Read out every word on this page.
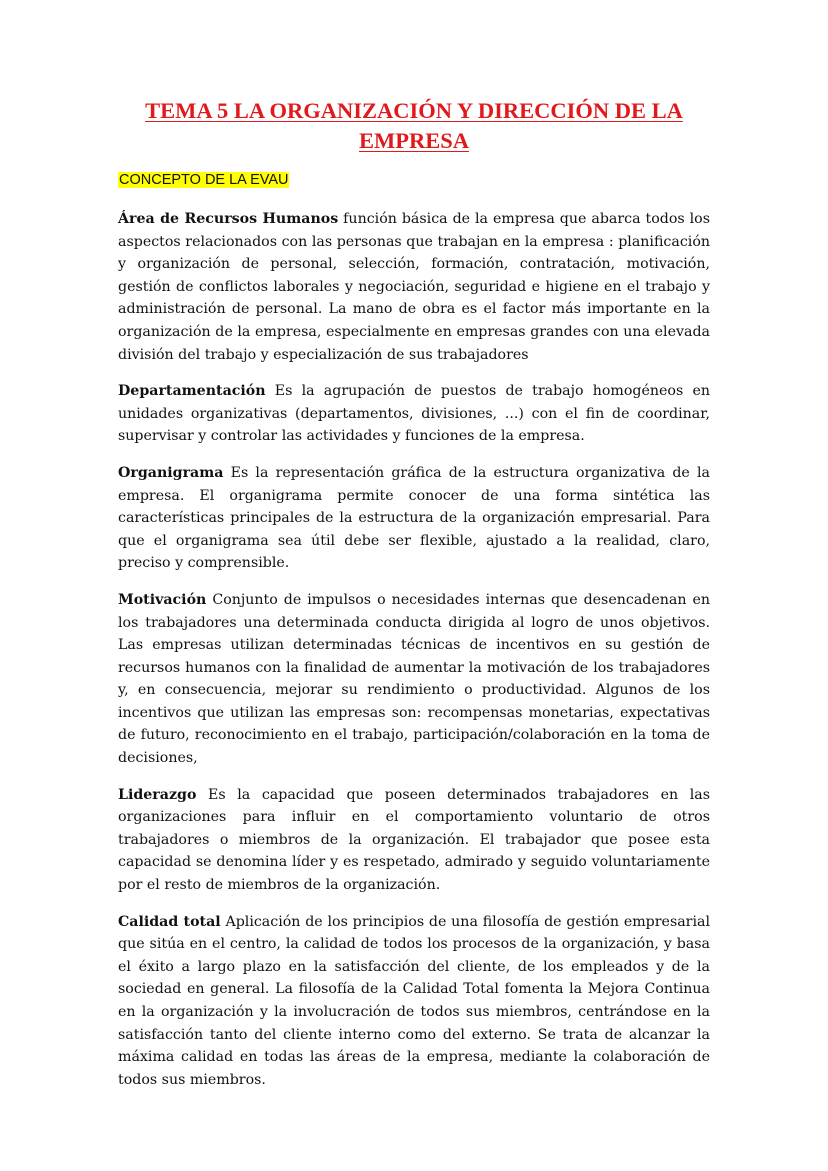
TEMA 5 LA ORGANIZACIÓN Y DIRECCIÓN DE LA EMPRESA
CONCEPTO DE LA EVAU

Área de Recursos Humanos función básica de la empresa que abarca todos los aspectos relacionados con las personas que trabajan en la empresa : planificación y organización de personal, selección, formación, contratación, motivación, gestión de conflictos laborales y negociación, seguridad e higiene en el trabajo y administración de personal. La mano de obra es el factor más importante en la organización de la empresa, especialmente en empresas grandes con una elevada división del trabajo y especialización de sus trabajadores

Departamentación Es la agrupación de puestos de trabajo homogéneos en unidades organizativas (departamentos, divisiones, ...) con el fin de coordinar, supervisar y controlar las actividades y funciones de la empresa.

Organigrama Es la representación gráfica de la estructura organizativa de la empresa. El organigrama permite conocer de una forma sintética las características principales de la estructura de la organización empresarial. Para que el organigrama sea útil debe ser flexible, ajustado a la realidad, claro, preciso y comprensible.

Motivación Conjunto de impulsos o necesidades internas que desencadenan en los trabajadores una determinada conducta dirigida al logro de unos objetivos. Las empresas utilizan determinadas técnicas de incentivos en su gestión de recursos humanos con la finalidad de aumentar la motivación de los trabajadores y, en consecuencia, mejorar su rendimiento o productividad. Algunos de los incentivos que utilizan las empresas son: recompensas monetarias, expectativas de futuro, reconocimiento en el trabajo, participación/colaboración en la toma de decisiones,

Liderazgo Es la capacidad que poseen determinados trabajadores en las organizaciones para influir en el comportamiento voluntario de otros trabajadores o miembros de la organización. El trabajador que posee esta capacidad se denomina líder y es respetado, admirado y seguido voluntariamente por el resto de miembros de la organización.

Calidad total Aplicación de los principios de una filosofía de gestión empresarial que sitúa en el centro, la calidad de todos los procesos de la organización, y basa el éxito a largo plazo en la satisfacción del cliente, de los empleados y de la sociedad en general. La filosofía de la Calidad Total fomenta la Mejora Continua en la organización y la involucración de todos sus miembros, centrándose en la satisfacción tanto del cliente interno como del externo. Se trata de alcanzar la máxima calidad en todas las áreas de la empresa, mediante la colaboración de todos sus miembros.
